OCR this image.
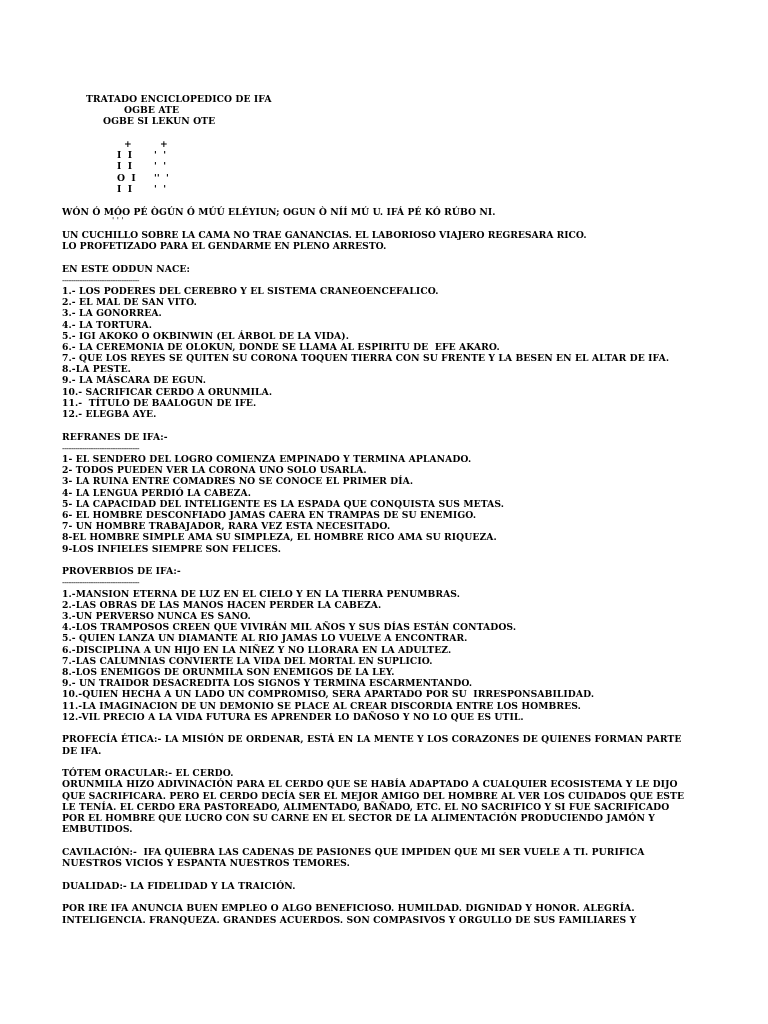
TRATADO ENCICLOPEDICO DE IFA
OGBE ATE
OGBE SI LEKUN OTE
+	+
I  I '  '
I  I '  '
O  I ''  '
I  I '  '
WÓN Ó MÓO PÉ ÒGÚN Ó MÚÚ ELÉYIUN; OGUN Ò NÍÍ MÚ U. IFÁ PÉ KÓ RÚBO NI.
' ' '
UN CUCHILLO SOBRE LA CAMA NO TRAE GANANCIAS. EL LABORIOSO VIAJERO REGRESARA RICO. LO PROFETIZADO PARA EL GENDARME EN PLENO ARRESTO.
EN ESTE ODDUN NACE:
-----------------------------------
1.- LOS PODERES DEL CEREBRO Y EL SISTEMA CRANEOENCEFALICO.
2.- EL MAL DE SAN VITO.
3.- LA GONORREA.
4.- LA TORTURA.
5.- IGI AKOKO O OKBINWIN (EL ÁRBOL DE LA VIDA).
6.- LA CEREMONIA DE OLOKUN, DONDE SE LLAMA AL ESPIRITU DE  EFE AKARO.
7.- QUE LOS REYES SE QUITEN SU CORONA TOQUEN TIERRA CON SU FRENTE Y LA BESEN EN EL ALTAR DE IFA.
8.-LA PESTE.
9.- LA MÁSCARA DE EGUN.
10.- SACRIFICAR CERDO A ORUNMILA.
11.-  TÍTULO DE BAALOGUN DE IFE.
12.- ELEGBA AYE.
REFRANES DE IFA:-
-----------------------------------
1- EL SENDERO DEL LOGRO COMIENZA EMPINADO Y TERMINA APLANADO.
2- TODOS PUEDEN VER LA CORONA UNO SOLO USARLA.
3- LA RUINA ENTRE COMADRES NO SE CONOCE EL PRIMER DÍA.
4- LA LENGUA PERDIÓ LA CABEZA.
5- LA CAPACIDAD DEL INTELIGENTE ES LA ESPADA QUE CONQUISTA SUS METAS.
6- EL HOMBRE DESCONFIADO JAMAS CAERA EN TRAMPAS DE SU ENEMIGO.
7- UN HOMBRE TRABAJADOR, RARA VEZ ESTA NECESITADO.
8-EL HOMBRE SIMPLE AMA SU SIMPLEZA, EL HOMBRE RICO AMA SU RIQUEZA.
9-LOS INFIELES SIEMPRE SON FELICES.
PROVERBIOS DE IFA:-
-----------------------------------
1.-MANSION ETERNA DE LUZ EN EL CIELO Y EN LA TIERRA PENUMBRAS.
2.-LAS OBRAS DE LAS MANOS HACEN PERDER LA CABEZA.
3.-UN PERVERSO NUNCA ES SANO.
4.-LOS TRAMPOSOS CREEN QUE VIVIRÁN MIL AÑOS Y SUS DÍAS ESTÁN CONTADOS.
5.- QUIEN LANZA UN DIAMANTE AL RIO JAMAS LO VUELVE A ENCONTRAR.
6.-DISCIPLINA A UN HIJO EN LA NIÑEZ Y NO LLORARA EN LA ADULTEZ.
7.-LAS CALUMNIAS CONVIERTE LA VIDA DEL MORTAL EN SUPLICIO.
8.-LOS ENEMIGOS DE ORUNMILA SON ENEMIGOS DE LA LEY.
9.- UN TRAIDOR DESACREDITA LOS SIGNOS Y TERMINA ESCARMENTANDO.
10.-QUIEN HECHA A UN LADO UN COMPROMISO, SERA APARTADO POR SU  IRRESPONSABILIDAD.
11.-LA IMAGINACION DE UN DEMONIO SE PLACE AL CREAR DISCORDIA ENTRE LOS HOMBRES.
12.-VIL PRECIO A LA VIDA FUTURA ES APRENDER LO DAÑOSO Y NO LO QUE ES UTIL.
PROFECÍA ÉTICA:- LA MISIÓN DE ORDENAR, ESTÁ EN LA MENTE Y LOS CORAZONES DE QUIENES FORMAN PARTE
DE IFA.
TÓTEM ORACULAR:- EL CERDO.
ORUNMILA HIZO ADIVINACIÓN PARA EL CERDO QUE SE HABÍA ADAPTADO A CUALQUIER ECOSISTEMA Y LE DIJO
QUE SACRIFICARA. PERO EL CERDO DECÍA SER EL MEJOR AMIGO DEL HOMBRE AL VER LOS CUIDADOS QUE ESTE
LE TENÍA. EL CERDO ERA PASTOREADO, ALIMENTADO, BAÑADO, ETC. EL NO SACRIFICO Y SI FUE SACRIFICADO
POR EL HOMBRE QUE LUCRO CON SU CARNE EN EL SECTOR DE LA ALIMENTACIÓN PRODUCIENDO JAMÓN Y
EMBUTIDOS.
CAVILACIÓN:-  IFA QUIEBRA LAS CADENAS DE PASIONES QUE IMPIDEN QUE MI SER VUELE A TI. PURIFICA
NUESTROS VICIOS Y ESPANTA NUESTROS TEMORES.
DUALIDAD:- LA FIDELIDAD Y LA TRAICIÓN.
POR IRE IFA ANUNCIA BUEN EMPLEO O ALGO BENEFICIOSO. HUMILDAD. DIGNIDAD Y HONOR. ALEGRÍA.
INTELIGENCIA. FRANQUEZA. GRANDES ACUERDOS. SON COMPASIVOS Y ORGULLO DE SUS FAMILIARES Y
